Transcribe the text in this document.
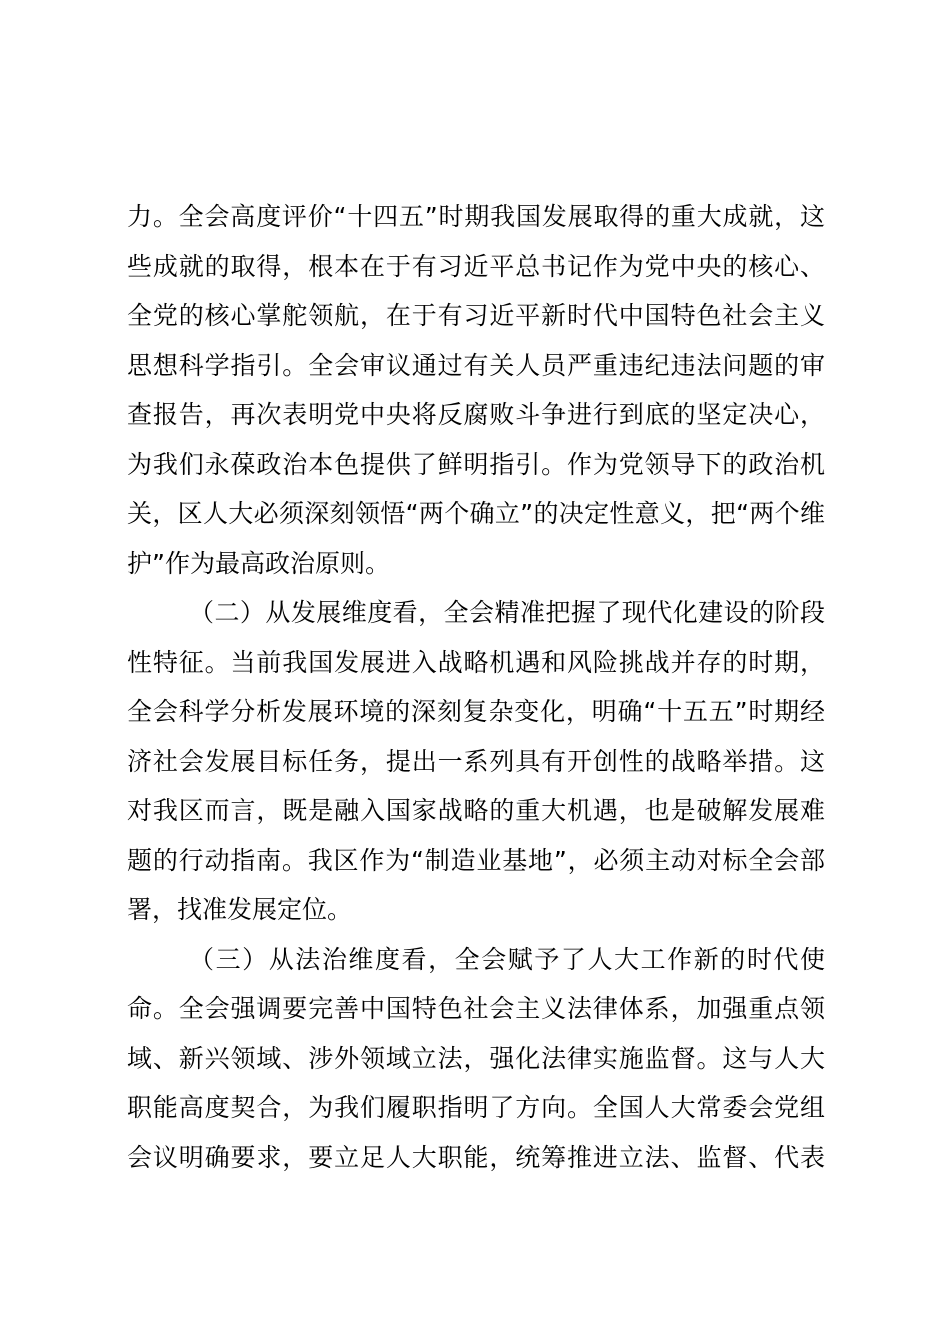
力。全会高度评价“十四五”时期我国发展取得的重大成就，这
些成就的取得，根本在于有习近平总书记作为党中央的核心、
全党的核心掌舵领航，在于有习近平新时代中国特色社会主义
思想科学指引。全会审议通过有关人员严重违纪违法问题的审
查报告，再次表明党中央将反腐败斗争进行到底的坚定决心，
为我们永葆政治本色提供了鲜明指引。作为党领导下的政治机
关，区人大必须深刻领悟“两个确立”的决定性意义，把“两个维
护”作为最高政治原则。
（二）从发展维度看，全会精准把握了现代化建设的阶段
性特征。当前我国发展进入战略机遇和风险挑战并存的时期，
全会科学分析发展环境的深刻复杂变化，明确“十五五”时期经
济社会发展目标任务，提出一系列具有开创性的战略举措。这
对我区而言，既是融入国家战略的重大机遇，也是破解发展难
题的行动指南。我区作为“制造业基地”，必须主动对标全会部
署，找准发展定位。
（三）从法治维度看，全会赋予了人大工作新的时代使
命。全会强调要完善中国特色社会主义法律体系，加强重点领
域、新兴领域、涉外领域立法，强化法律实施监督。这与人大
职能高度契合，为我们履职指明了方向。全国人大常委会党组
会议明确要求，要立足人大职能，统筹推进立法、监督、代表
